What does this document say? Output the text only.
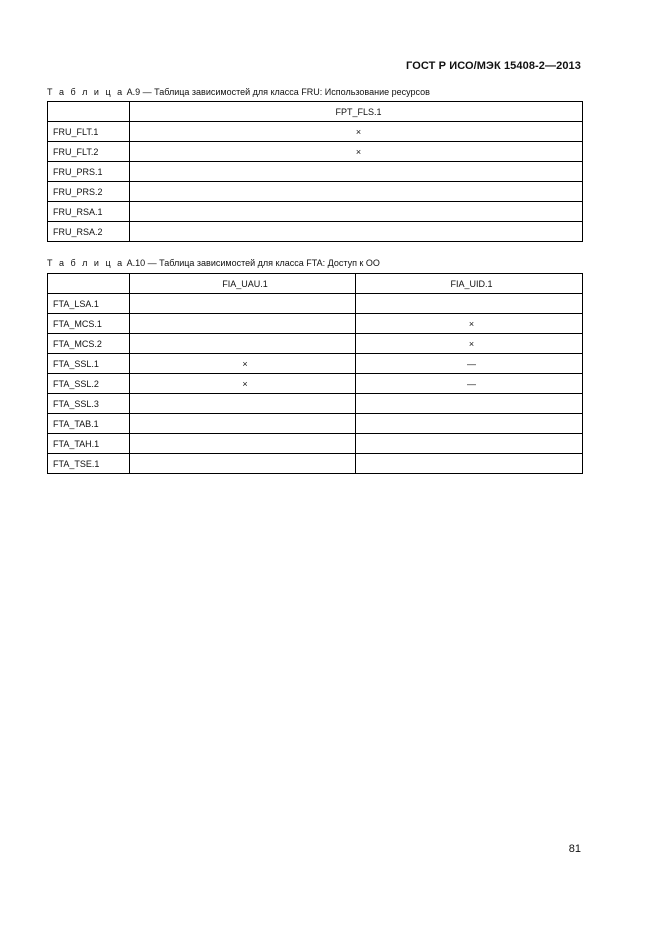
ГОСТ Р ИСО/МЭК 15408-2—2013
Т а б л и ц а А.9 — Таблица зависимостей для класса FRU: Использование ресурсов
	FPT_FLS.1
FRU_FLT.1	×
FRU_FLT.2	×
FRU_PRS.1	
FRU_PRS.2	
FRU_RSA.1	
FRU_RSA.2	
Т а б л и ц а А.10 — Таблица зависимостей для класса FTA: Доступ к ОО
	FIA_UAU.1	FIA_UID.1
FTA_LSA.1		
FTA_MCS.1		×
FTA_MCS.2		×
FTA_SSL.1	×	—
FTA_SSL.2	×	—
FTA_SSL.3		
FTA_TAB.1		
FTA_TAH.1		
FTA_TSE.1		
81
